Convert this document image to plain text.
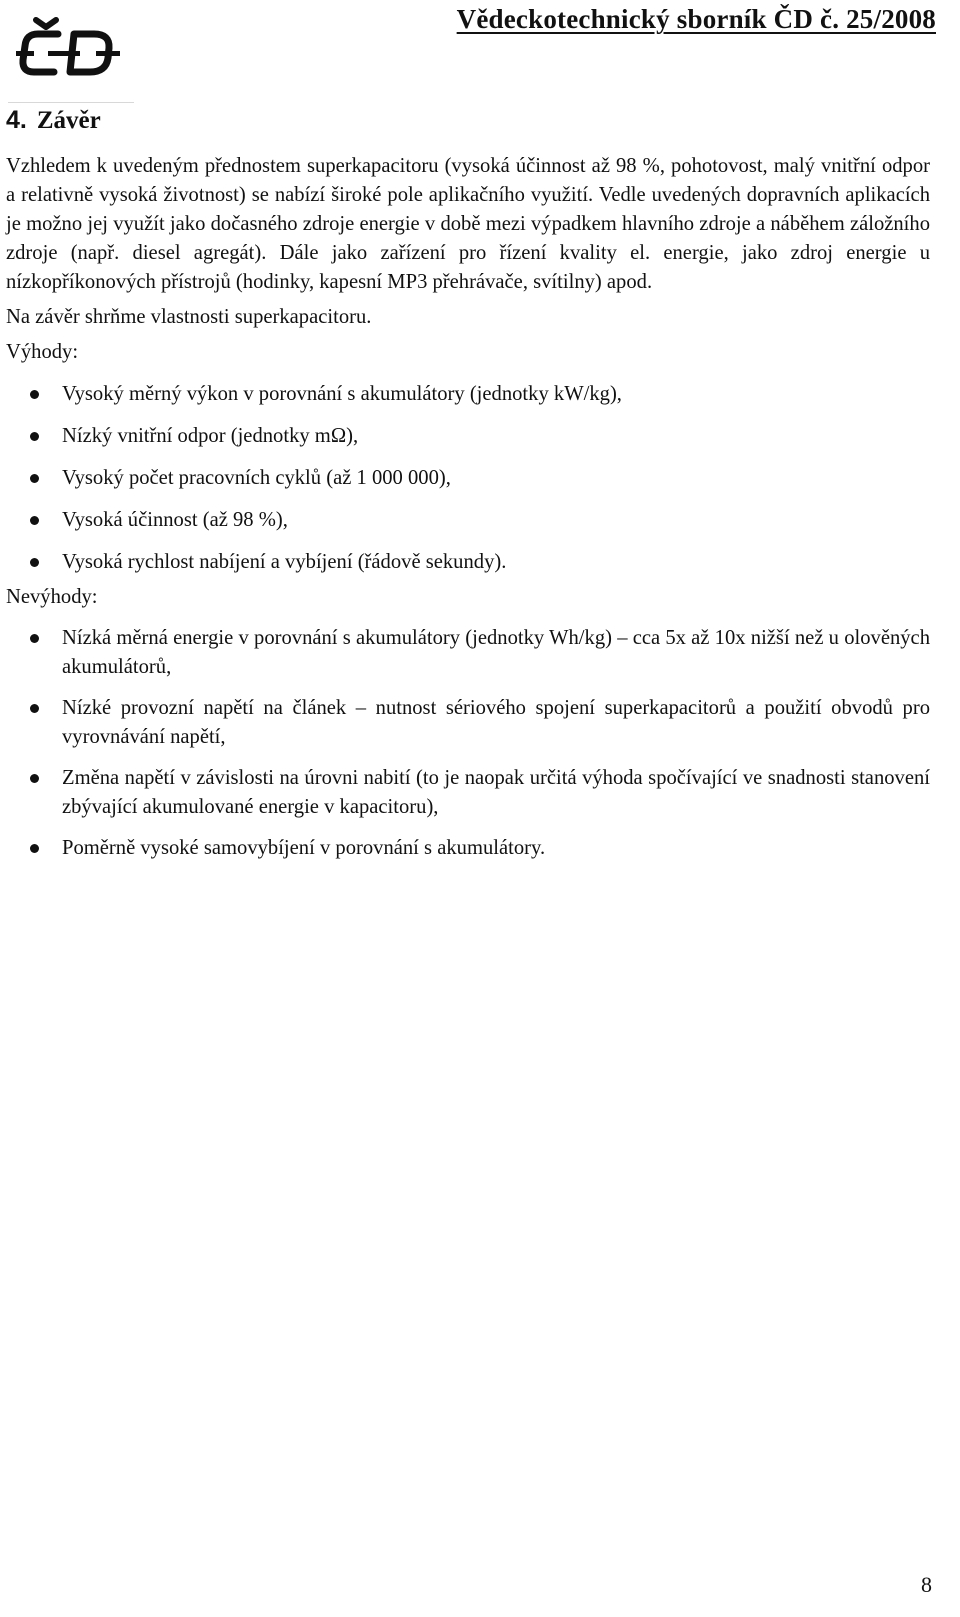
Vědeckotechnický sborník ČD č. 25/2008
4. Závěr

Vzhledem k uvedeným přednostem superkapacitoru (vysoká účinnost až 98 %, pohotovost, malý vnitřní odpor a relativně vysoká životnost) se nabízí široké pole aplikačního využití. Vedle uvedených dopravních aplikacích je možno jej využít jako dočasného zdroje energie v době mezi výpadkem hlavního zdroje a náběhem záložního zdroje (např. diesel agregát). Dále jako zařízení pro řízení kvality el. energie, jako zdroj energie u nízkopříkonových přístrojů (hodinky, kapesní MP3 přehrávače, svítilny) apod.

Na závěr shrňme vlastnosti superkapacitoru.

Výhody:

Vysoký měrný výkon v porovnání s akumulátory (jednotky kW/kg),
Nízký vnitřní odpor (jednotky mΩ),
Vysoký počet pracovních cyklů (až 1 000 000),
Vysoká účinnost (až 98 %),
Vysoká rychlost nabíjení a vybíjení (řádově sekundy).

Nevýhody:

Nízká měrná energie v porovnání s akumulátory (jednotky Wh/kg) – cca 5x až 10x nižší než u olověných akumulátorů,
Nízké provozní napětí na článek – nutnost sériového spojení superkapacitorů a použití obvodů pro vyrovnávání napětí,
Změna napětí v závislosti na úrovni nabití (to je naopak určitá výhoda spočívající ve snadnosti stanovení zbývající akumulované energie v kapacitoru),
Poměrně vysoké samovybíjení v porovnání s akumulátory.
8
